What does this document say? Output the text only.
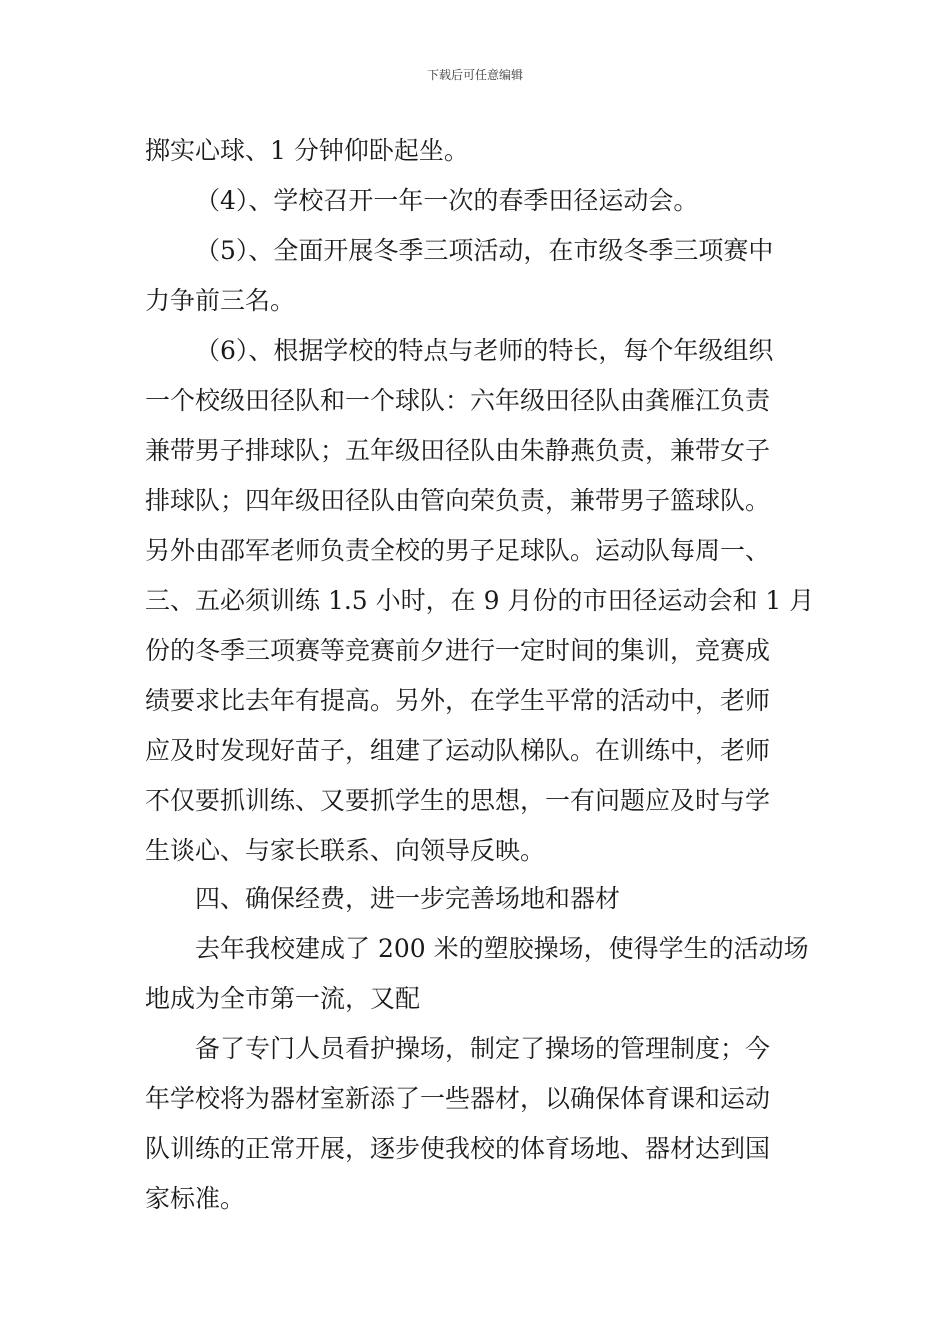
下载后可任意编辑
掷实心球、1 分钟仰卧起坐。
（4）、学校召开一年一次的春季田径运动会。
（5）、全面开展冬季三项活动，在市级冬季三项赛中
力争前三名。
（6）、根据学校的特点与老师的特长，每个年级组织
一个校级田径队和一个球队：六年级田径队由龚雁江负责
兼带男子排球队；五年级田径队由朱静燕负责，兼带女子
排球队；四年级田径队由管向荣负责，兼带男子篮球队。
另外由邵军老师负责全校的男子足球队。运动队每周一、
三、五必须训练 1.5 小时，在 9 月份的市田径运动会和 1 月
份的冬季三项赛等竞赛前夕进行一定时间的集训，竞赛成
绩要求比去年有提高。另外，在学生平常的活动中，老师
应及时发现好苗子，组建了运动队梯队。在训练中，老师
不仅要抓训练、又要抓学生的思想，一有问题应及时与学
生谈心、与家长联系、向领导反映。
四、确保经费，进一步完善场地和器材
去年我校建成了 200 米的塑胶操场，使得学生的活动场
地成为全市第一流，又配
备了专门人员看护操场，制定了操场的管理制度；今
年学校将为器材室新添了一些器材，以确保体育课和运动
队训练的正常开展，逐步使我校的体育场地、器材达到国
家标准。
